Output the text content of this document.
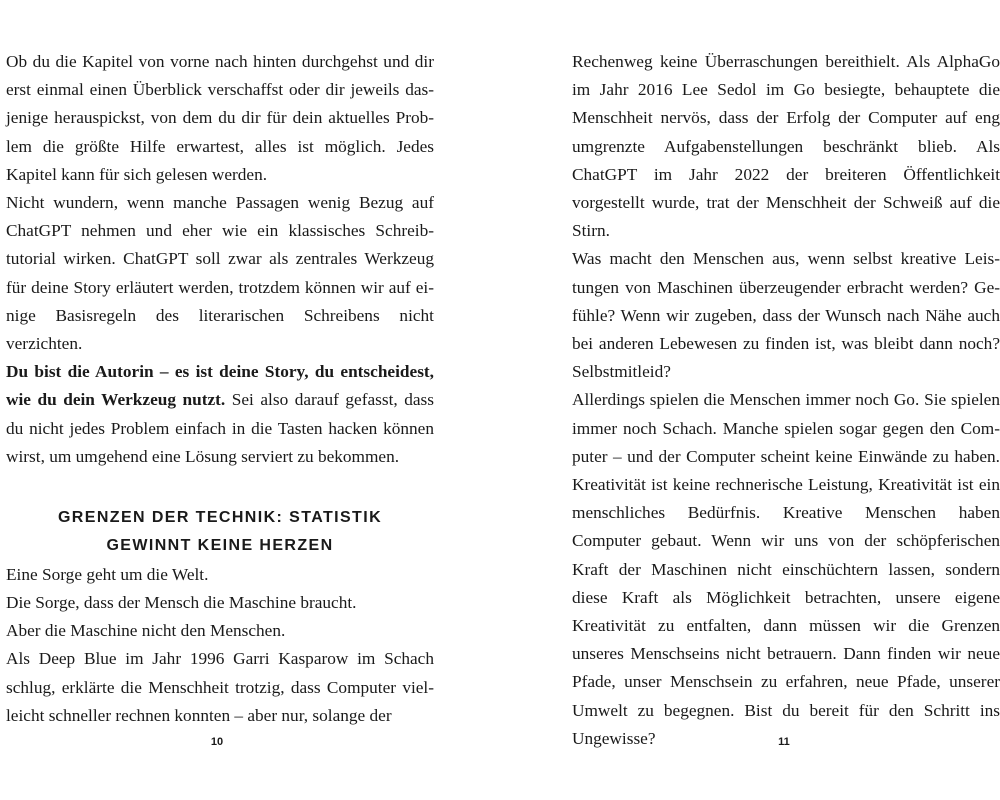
Ob du die Kapitel von vorne nach hinten durchgehst und dir erst einmal einen Überblick verschaffst oder dir jeweils dasjenige herauspickst, von dem du dir für dein aktuelles Problem die größte Hilfe erwartest, alles ist möglich. Jedes Kapitel kann für sich gelesen werden.

Nicht wundern, wenn manche Passagen wenig Bezug auf ChatGPT nehmen und eher wie ein klassisches Schreibtutorial wirken. ChatGPT soll zwar als zentrales Werkzeug für deine Story erläutert werden, trotzdem können wir auf einige Basisregeln des literarischen Schreibens nicht verzichten.

Du bist die Autorin – es ist deine Story, du entscheidest, wie du dein Werkzeug nutzt. Sei also darauf gefasst, dass du nicht jedes Problem einfach in die Tasten hacken können wirst, um umgehend eine Lösung serviert zu bekommen.

GRENZEN DER TECHNIK: STATISTIK
GEWINNT KEINE HERZEN

Eine Sorge geht um die Welt.

Die Sorge, dass der Mensch die Maschine braucht.

Aber die Maschine nicht den Menschen.

Als Deep Blue im Jahr 1996 Garri Kasparow im Schach schlug, erklärte die Menschheit trotzig, dass Computer vielleicht schneller rechnen konnten – aber nur, solange der

Rechenweg keine Überraschungen bereithielt. Als AlphaGo im Jahr 2016 Lee Sedol im Go besiegte, behauptete die Menschheit nervös, dass der Erfolg der Computer auf eng umgrenzte Aufgabenstellungen beschränkt blieb. Als ChatGPT im Jahr 2022 der breiteren Öffentlichkeit vorgestellt wurde, trat der Menschheit der Schweiß auf die Stirn.

Was macht den Menschen aus, wenn selbst kreative Leistungen von Maschinen überzeugender erbracht werden? Gefühle? Wenn wir zugeben, dass der Wunsch nach Nähe auch bei anderen Lebewesen zu finden ist, was bleibt dann noch? Selbstmitleid?

Allerdings spielen die Menschen immer noch Go. Sie spielen immer noch Schach. Manche spielen sogar gegen den Computer – und der Computer scheint keine Einwände zu haben. Kreativität ist keine rechnerische Leistung, Kreativität ist ein menschliches Bedürfnis. Kreative Menschen haben Computer gebaut. Wenn wir uns von der schöpferischen Kraft der Maschinen nicht einschüchtern lassen, sondern diese Kraft als Möglichkeit betrachten, unsere eigene Kreativität zu entfalten, dann müssen wir die Grenzen unseres Menschseins nicht betrauern. Dann finden wir neue Pfade, unser Menschsein zu erfahren, neue Pfade, unserer Umwelt zu begegnen. Bist du bereit für den Schritt ins Ungewisse?

10	11
